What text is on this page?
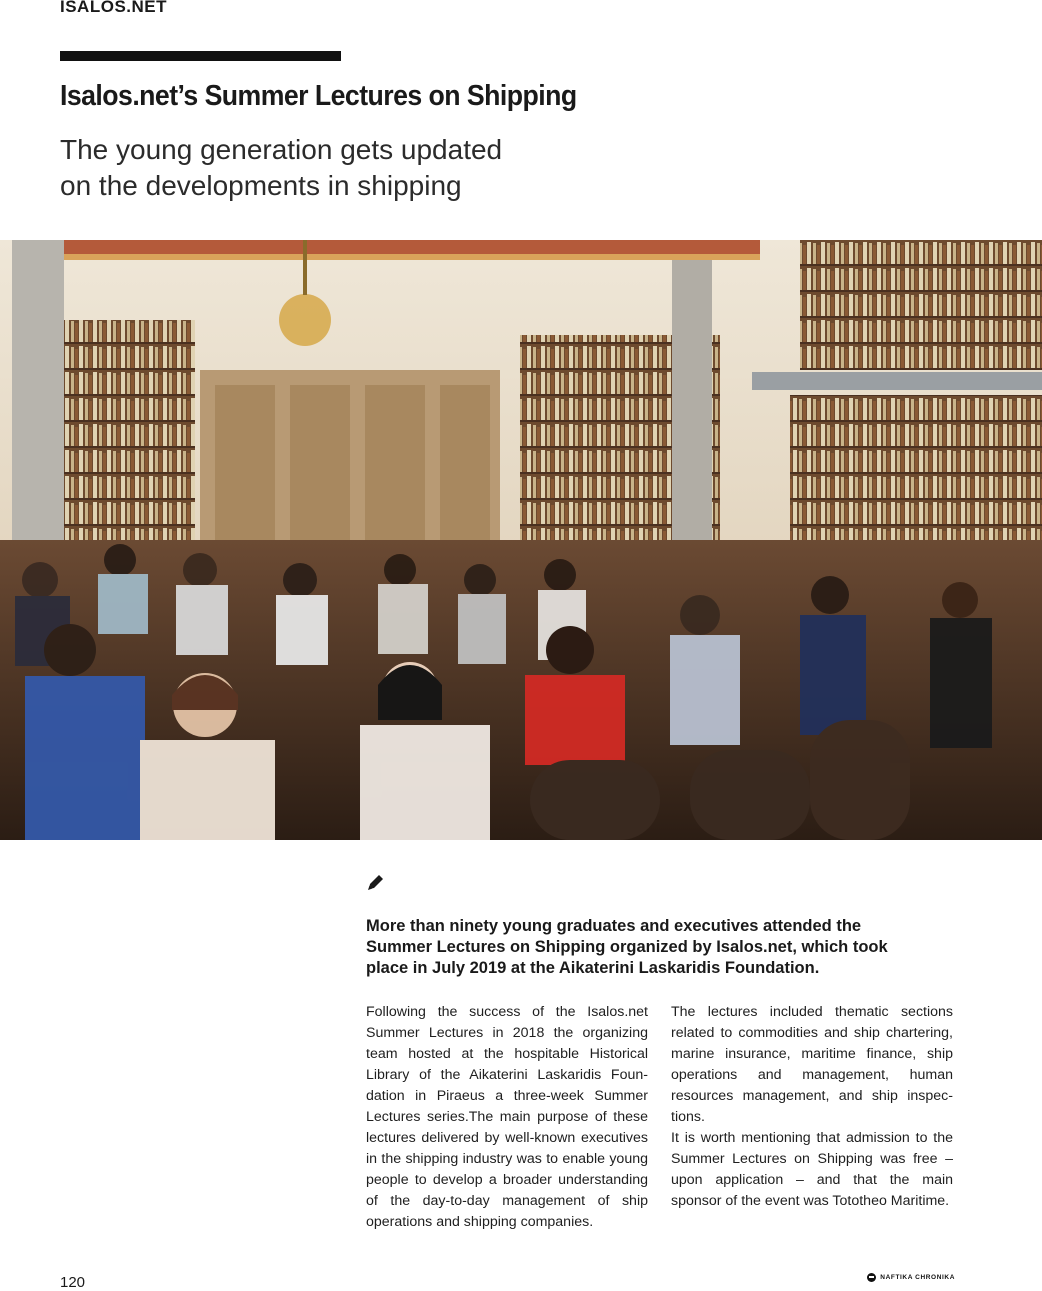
ISALOS.NET
Isalos.net’s Summer Lectures on Shipping
The young generation gets updated
on the developments in shipping

More than ninety young graduates and executives attended the Summer Lectures on Shipping organized by Isalos.net, which took place in July 2019 at the Aikaterini Laskaridis Foundation.

Following the success of the Isalos.net Summer Lectures in 2018 the organizing team hosted at the hospitable Historical Library of the Aikaterini Laskaridis Foundation in Piraeus a three-week Summer Lectures series.The main purpose of these lectures delivered by well-known executives in the shipping industry was to enable young people to develop a broader understanding of the day-to-day management of ship operations and shipping companies.

The lectures included thematic sections related to commodities and ship chartering, marine insurance, maritime finance, ship operations and management, human resources management, and ship inspections.

It is worth mentioning that admission to the Summer Lectures on Shipping was free – upon application – and that the main sponsor of the event was Tototheo Maritime.

120	NAFTIKA CHRONIKA
